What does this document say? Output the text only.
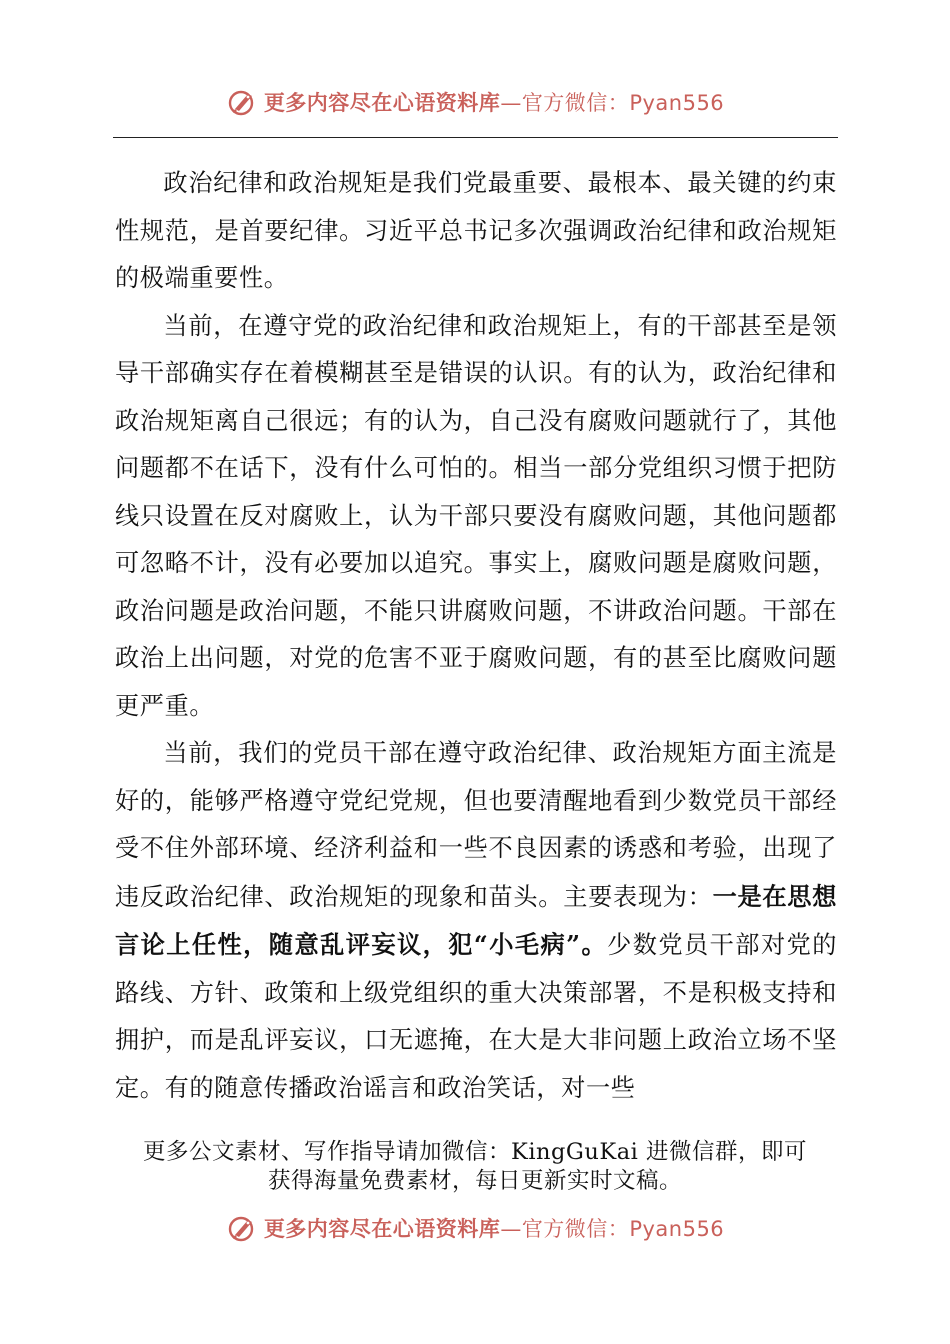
更多内容尽在心语资料库—官方微信：Pyan556

政治纪律和政治规矩是我们党最重要、最根本、最关键的约束性规范，是首要纪律。习近平总书记多次强调政治纪律和政治规矩的极端重要性。

当前，在遵守党的政治纪律和政治规矩上，有的干部甚至是领导干部确实存在着模糊甚至是错误的认识。有的认为，政治纪律和政治规矩离自己很远；有的认为，自己没有腐败问题就行了，其他问题都不在话下，没有什么可怕的。相当一部分党组织习惯于把防线只设置在反对腐败上，认为干部只要没有腐败问题，其他问题都可忽略不计，没有必要加以追究。事实上，腐败问题是腐败问题，政治问题是政治问题，不能只讲腐败问题，不讲政治问题。干部在政治上出问题，对党的危害不亚于腐败问题，有的甚至比腐败问题更严重。

当前，我们的党员干部在遵守政治纪律、政治规矩方面主流是好的，能够严格遵守党纪党规，但也要清醒地看到少数党员干部经受不住外部环境、经济利益和一些不良因素的诱惑和考验，出现了违反政治纪律、政治规矩的现象和苗头。主要表现为：一是在思想言论上任性，随意乱评妄议，犯“小毛病”。少数党员干部对党的路线、方针、政策和上级党组织的重大决策部署，不是积极支持和拥护，而是乱评妄议，口无遮掩，在大是大非问题上政治立场不坚定。有的随意传播政治谣言和政治笑话，对一些

更多公文素材、写作指导请加微信：KingGuKai 进微信群，即可
获得海量免费素材，每日更新实时文稿。
更多内容尽在心语资料库—官方微信：Pyan556
